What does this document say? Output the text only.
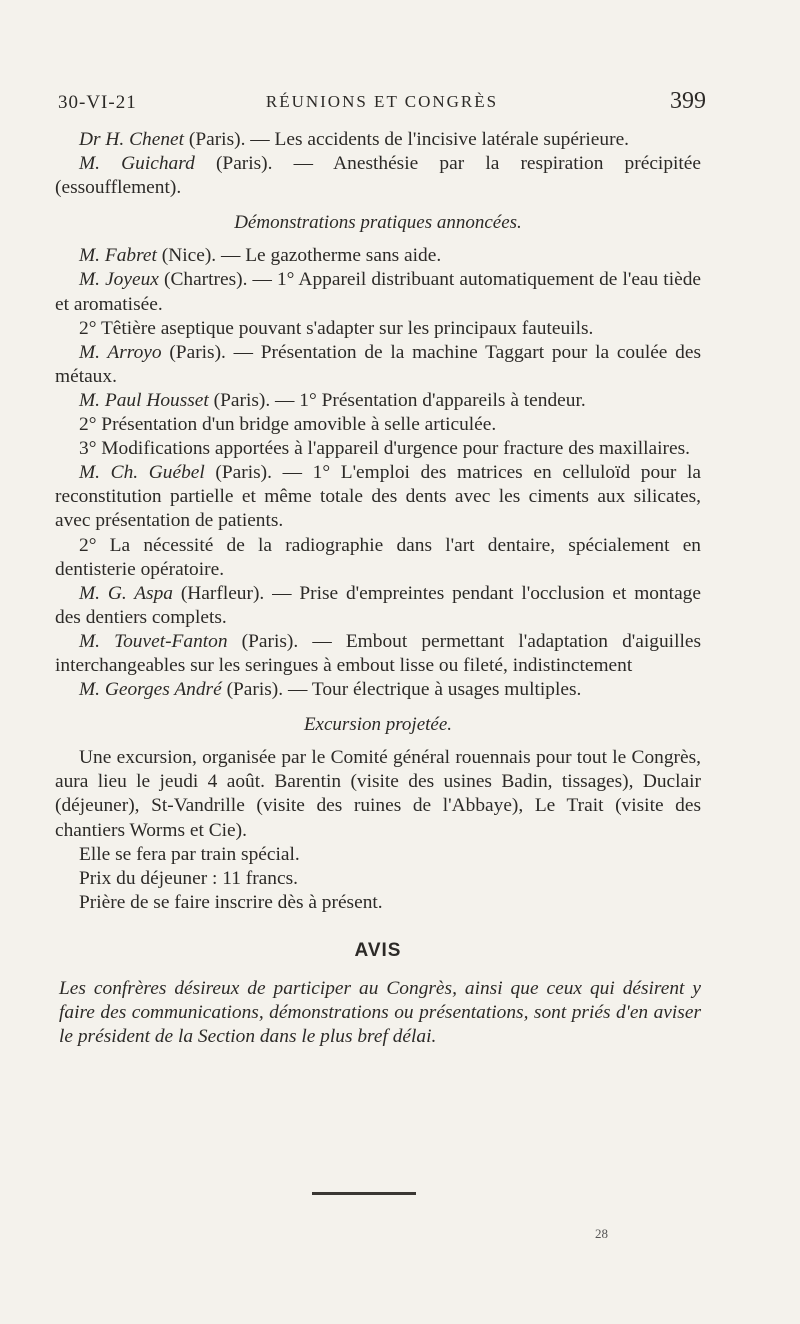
30-VI-21	RÉUNIONS ET CONGRÈS	399

Dr H. Chenet (Paris). — Les accidents de l'incisive latérale supérieure.

M. Guichard (Paris). — Anesthésie par la respiration précipitée (essoufflement).

Démonstrations pratiques annoncées.

M. Fabret (Nice). — Le gazotherme sans aide.

M. Joyeux (Chartres). — 1° Appareil distribuant automatiquement de l'eau tiède et aromatisée.

2° Têtière aseptique pouvant s'adapter sur les principaux fauteuils.

M. Arroyo (Paris). — Présentation de la machine Taggart pour la coulée des métaux.

M. Paul Housset (Paris). — 1° Présentation d'appareils à tendeur.

2° Présentation d'un bridge amovible à selle articulée.

3° Modifications apportées à l'appareil d'urgence pour fracture des maxillaires.

M. Ch. Guébel (Paris). — 1° L'emploi des matrices en celluloïd pour la reconstitution partielle et même totale des dents avec les ciments aux silicates, avec présentation de patients.

2° La nécessité de la radiographie dans l'art dentaire, spécialement en dentisterie opératoire.

M. G. Aspa (Harfleur). — Prise d'empreintes pendant l'occlusion et montage des dentiers complets.

M. Touvet-Fanton (Paris). — Embout permettant l'adaptation d'aiguilles interchangeables sur les seringues à embout lisse ou fileté, indistinctement

M. Georges André (Paris). — Tour électrique à usages multiples.

Excursion projetée.

Une excursion, organisée par le Comité général rouennais pour tout le Congrès, aura lieu le jeudi 4 août. Barentin (visite des usines Badin, tissages), Duclair (déjeuner), St-Vandrille (visite des ruines de l'Abbaye), Le Trait (visite des chantiers Worms et Cie).

Elle se fera par train spécial.

Prix du déjeuner : 11 francs.

Prière de se faire inscrire dès à présent.

AVIS

Les confrères désireux de participer au Congrès, ainsi que ceux qui désirent y faire des communications, démonstrations ou présentations, sont priés d'en aviser le président de la Section dans le plus bref délai.

28
